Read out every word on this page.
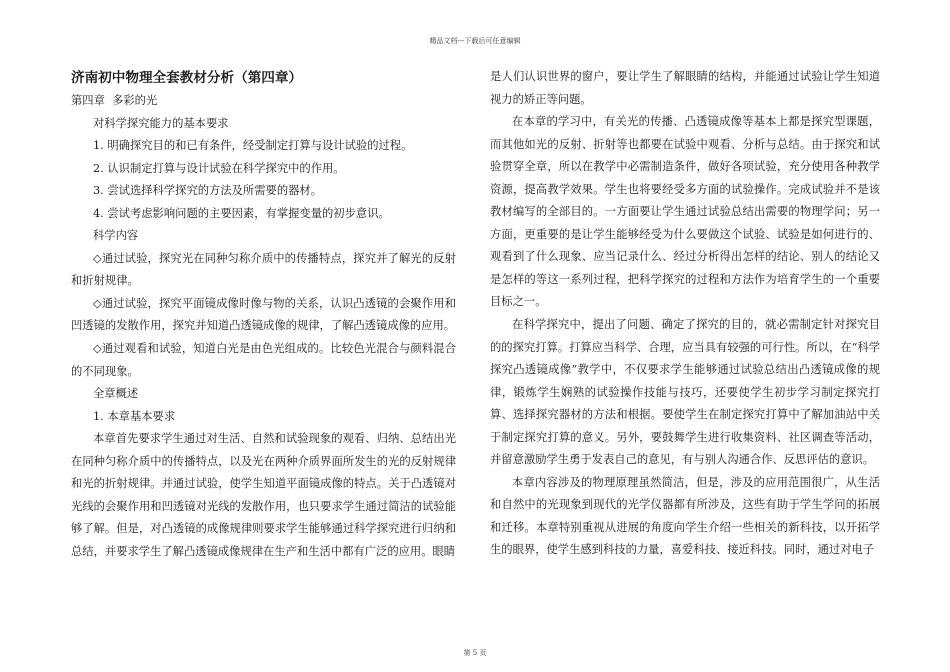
精品文档---下载后可任意编辑

济南初中物理全套教材分析（第四章）

第四章  多彩的光

对科学探究能力的基本要求

1. 明确探究目的和已有条件，经受制定打算与设计试验的过程。

2. 认识制定打算与设计试验在科学探究中的作用。

3. 尝试选择科学探究的方法及所需要的器材。

4. 尝试考虑影响问题的主要因素，有掌握变量的初步意识。

科学内容

◇通过试验，探究光在同种匀称介质中的传播特点，探究并了解光的反射和折射规律。

◇通过试验，探究平面镜成像时像与物的关系，认识凸透镜的会聚作用和凹透镜的发散作用，探究并知道凸透镜成像的规律，了解凸透镜成像的应用。

◇通过观看和试验，知道白光是由色光组成的。比较色光混合与颜料混合的不同现象。

全章概述

1. 本章基本要求

本章首先要求学生通过对生活、自然和试验现象的观看、归纳、总结出光在同种匀称介质中的传播特点，以及光在两种介质界面所发生的光的反射规律和光的折射规律。并通过试验，使学生知道平面镜成像的特点。关于凸透镜对光线的会聚作用和凹透镜对光线的发散作用，也只要求学生通过简洁的试验能够了解。但是，对凸透镜的成像规律则要求学生能够通过科学探究进行归纳和总结，并要求学生了解凸透镜成像规律在生产和生活中都有广泛的应用。眼睛

是人们认识世界的窗户，要让学生了解眼睛的结构，并能通过试验让学生知道视力的矫正等问题。

在本章的学习中，有关光的传播、凸透镜成像等基本上都是探究型课题，而其他如光的反射、折射等也都要在试验中观看、分析与总结。由于探究和试验贯穿全章，所以在教学中必需制造条件，做好各项试验，充分使用各种教学资源，提高教学效果。学生也将要经受多方面的试验操作。完成试验并不是该教材编写的全部目的。一方面要让学生通过试验总结出需要的物理学问；另一方面，更重要的是让学生能够经受为什么要做这个试验、试验是如何进行的、观看到了什么现象、应当记录什么、经过分析得出怎样的结论、别人的结论又是怎样的等这一系列过程，把科学探究的过程和方法作为培育学生的一个重要目标之一。

在科学探究中，提出了问题、确定了探究的目的，就必需制定针对探究目的的探究打算。打算应当科学、合理，应当具有较强的可行性。所以，在“科学探究凸透镜成像”教学中，不仅要求学生能够通过试验总结出凸透镜成像的规律，锻炼学生娴熟的试验操作技能与技巧，还要使学生初步学习制定探究打算、选择探究器材的方法和根据。要使学生在制定探究打算中了解加油站中关于制定探究打算的意义。另外，要鼓舞学生进行收集资料、社区调查等活动，并留意激励学生勇于发表自己的意见，有与别人沟通合作、反思评估的意识。

本章内容涉及的物理原理虽然简洁，但是，涉及的应用范围很广，从生活和自然中的光现象到现代的光学仪器都有所涉及，这些有助于学生学问的拓展和迁移。本章特别重视从进展的角度向学生介绍一些相关的新科技，以开拓学生的眼界，使学生感到科技的力量，喜爱科技、接近科技。同时，通过对电子

第 5 页
